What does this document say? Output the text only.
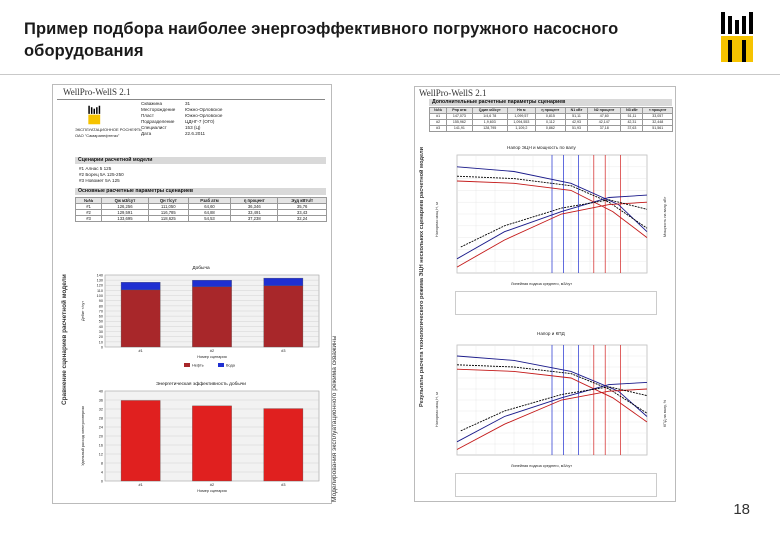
Пример подбора наиболее энергоэффективного погружного насосного оборудования
18
WellPro-WellS 2.1
Сравнение сценариев расчетной модели
ЭКСПЛУАТАЦИОННОЕ РОСНЕФТЬ
ОАО "Самаранефтегаз"
Скважина	31
Месторождение Южно-Орловское
Пласт	Южно-Орловское
Подразделение ЦДНГ-7 (ОГ0)
Специалист	153 (Ц)
Дата	22.6.2011
Сценарии расчетной модели
#1 Алнас 5 125
#2 Борец 5А 125-250
#3 Новомет 5А 125
Основные расчетные параметры сценариев
№№	Qж м3/сут	Qн т/сут	Pзаб атм	η процент	Эуд кВтч/т
#1	126,256	111,050	64,60	36,346	35,76
#2	129,591	116,785	64,88	33,491	33,43
#3	133,695	118,625	54,53	37,238	32,24
Добыча
0
10
20
30
40
50
60
70
80
90
100
110
120
130
140
#1	#2	#3
Номер сценария
Дебит т/сут
Нефть	Вода
Энергетическая эффективность добычи
0
4
8
12
16
20
24
28
32
36
40
#1	#2	#3
Номер сценария
Удельный расход электроэнергии	Моделирования эксплуатационного режима скважины
WellPro-WellS 2.1
Результаты расчета технологического режима ЭЦН нескольких сценариев расчетной модели
Дополнительные расчетные параметры сценариев
№№	Рпр атм	Qдин м3/сут	Hн м	η процент	N1 кВт	N2 процент	N3 кВт	τ процент
#1	147,073	1/4,6 78	1,099,57	0,815	51,11	47,60	51,11	33,057
#2	155,962	1,9,603	1,094,553	0,112	42,93	42,147	42,31	32,448
#3	141,91	128,795	1,109,2	0,862	51,93	37,18	37,63	51,561
Напор ЭЦН и мощность по валу
Линейная подача среднего, м3/сут
Напорная мощ Н, м	Мощность на валу, кВт
Напор и КПД
Линейная подача среднего, м3/сут
Напорная мощ Н, м	КПД на валу, %
